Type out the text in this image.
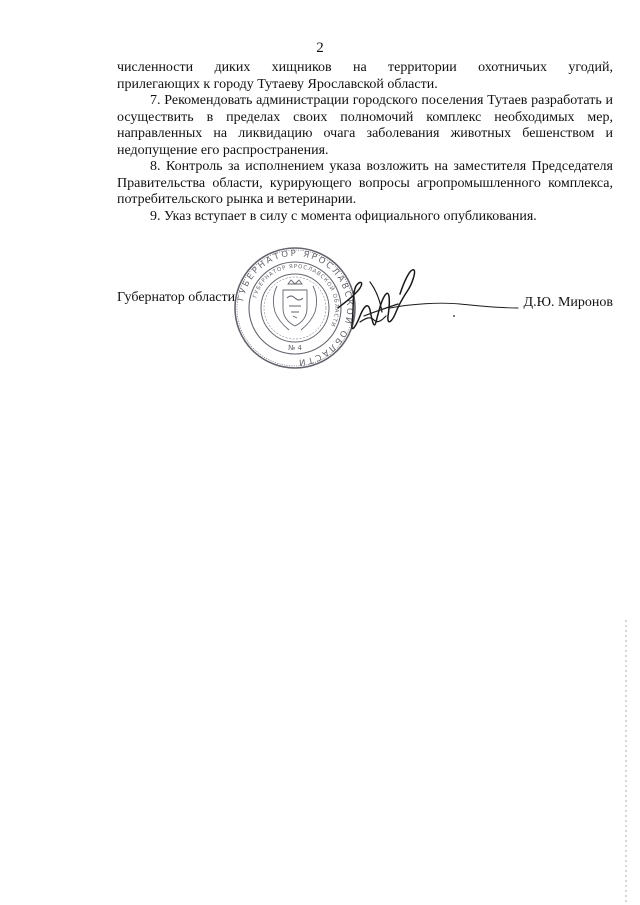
2

численности диких хищников на территории охотничьих угодий,
прилегающих к городу Тутаеву Ярославской области.

7. Рекомендовать администрации городского поселения Тутаев разработать и осуществить в пределах своих полномочий комплекс необходимых мер, направленных на ликвидацию очага заболевания животных бешенством и недопущение его распространения.

8. Контроль за исполнением указа возложить на заместителя Председателя Правительства области, курирующего вопросы агропромышленного комплекса, потребительского рынка и ветеринарии.

9. Указ вступает в силу с момента официального опубликования.

Губернатор области	Д.Ю. Миронов
ГУБЕРНАТОР ЯРОСЛАВСКОЙ ОБЛАСТИ
ГУБЕРНАТОР ЯРОСЛАВСКОЙ ОБЛАСТИ
№ 4
